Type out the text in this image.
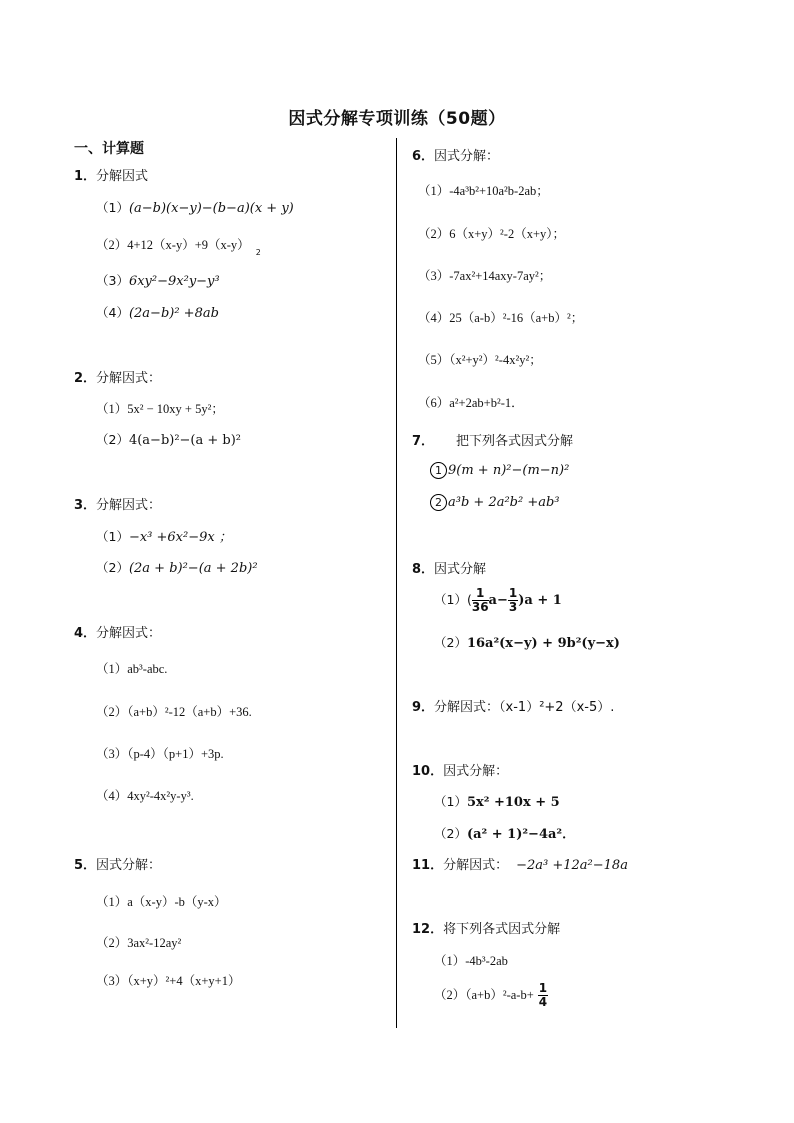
因式分解专项训练（50题）
一、计算题
1．分解因式
（1）(a−b)(x−y)−(b−a)(x + y)
$(2)4+12(x-y)+9(x-y)_2$
（3）6xy²−9x²y−y³
（4）(2a−b)² +8ab
2．分解因式：
（1）5x² − 10xy + 5y²；
（2）4(a−b)²−(a + b)²
3．分解因式：
（1）−x³ +6x²−9x ；
（2）(2a + b)²−(a + 2b)²
4．分解因式：
（1）ab³-abc.
（2）（a+b）²-12（a+b）+36.
（3）（p-4）（p+1）+3p.
（4）4xy²-4x²y-y³.
5．因式分解：
（1）a（x-y）-b（y-x）
（2）3ax²-12ay²
（3）（x+y）²+4（x+y+1）
6．因式分解：
（1）-4a³b²+10a²b-2ab；
（2）6（x+y）²-2（x+y）；
（3）-7ax²+14axy-7ay²；
（4）25（a-b）²-16（a+b）²；
（5）（x²+y²）²-4x²y²；
（6）a²+2ab+b²-1．
7． 把下列各式因式分解
1 9(m + n)²−(m−n)²
2 a³b + 2a²b² +ab³
8．因式分解
$(1)( \frac{1}{36} a- \frac{1}{3} )a + 1$
（2）16a²(x−y) + 9b²(y−x)
9．分解因式：（x-1）²+2（x-5）.
10．因式分解：
（1）5x² +10x + 5
（2）(a² + 1)²−4a²．
11．分解因式： −2a³ +12a²−18a
12．将下列各式因式分解
（1）-4b³-2ab
$(2)(a+b)^2-a-b+ \frac{1}{4}$
